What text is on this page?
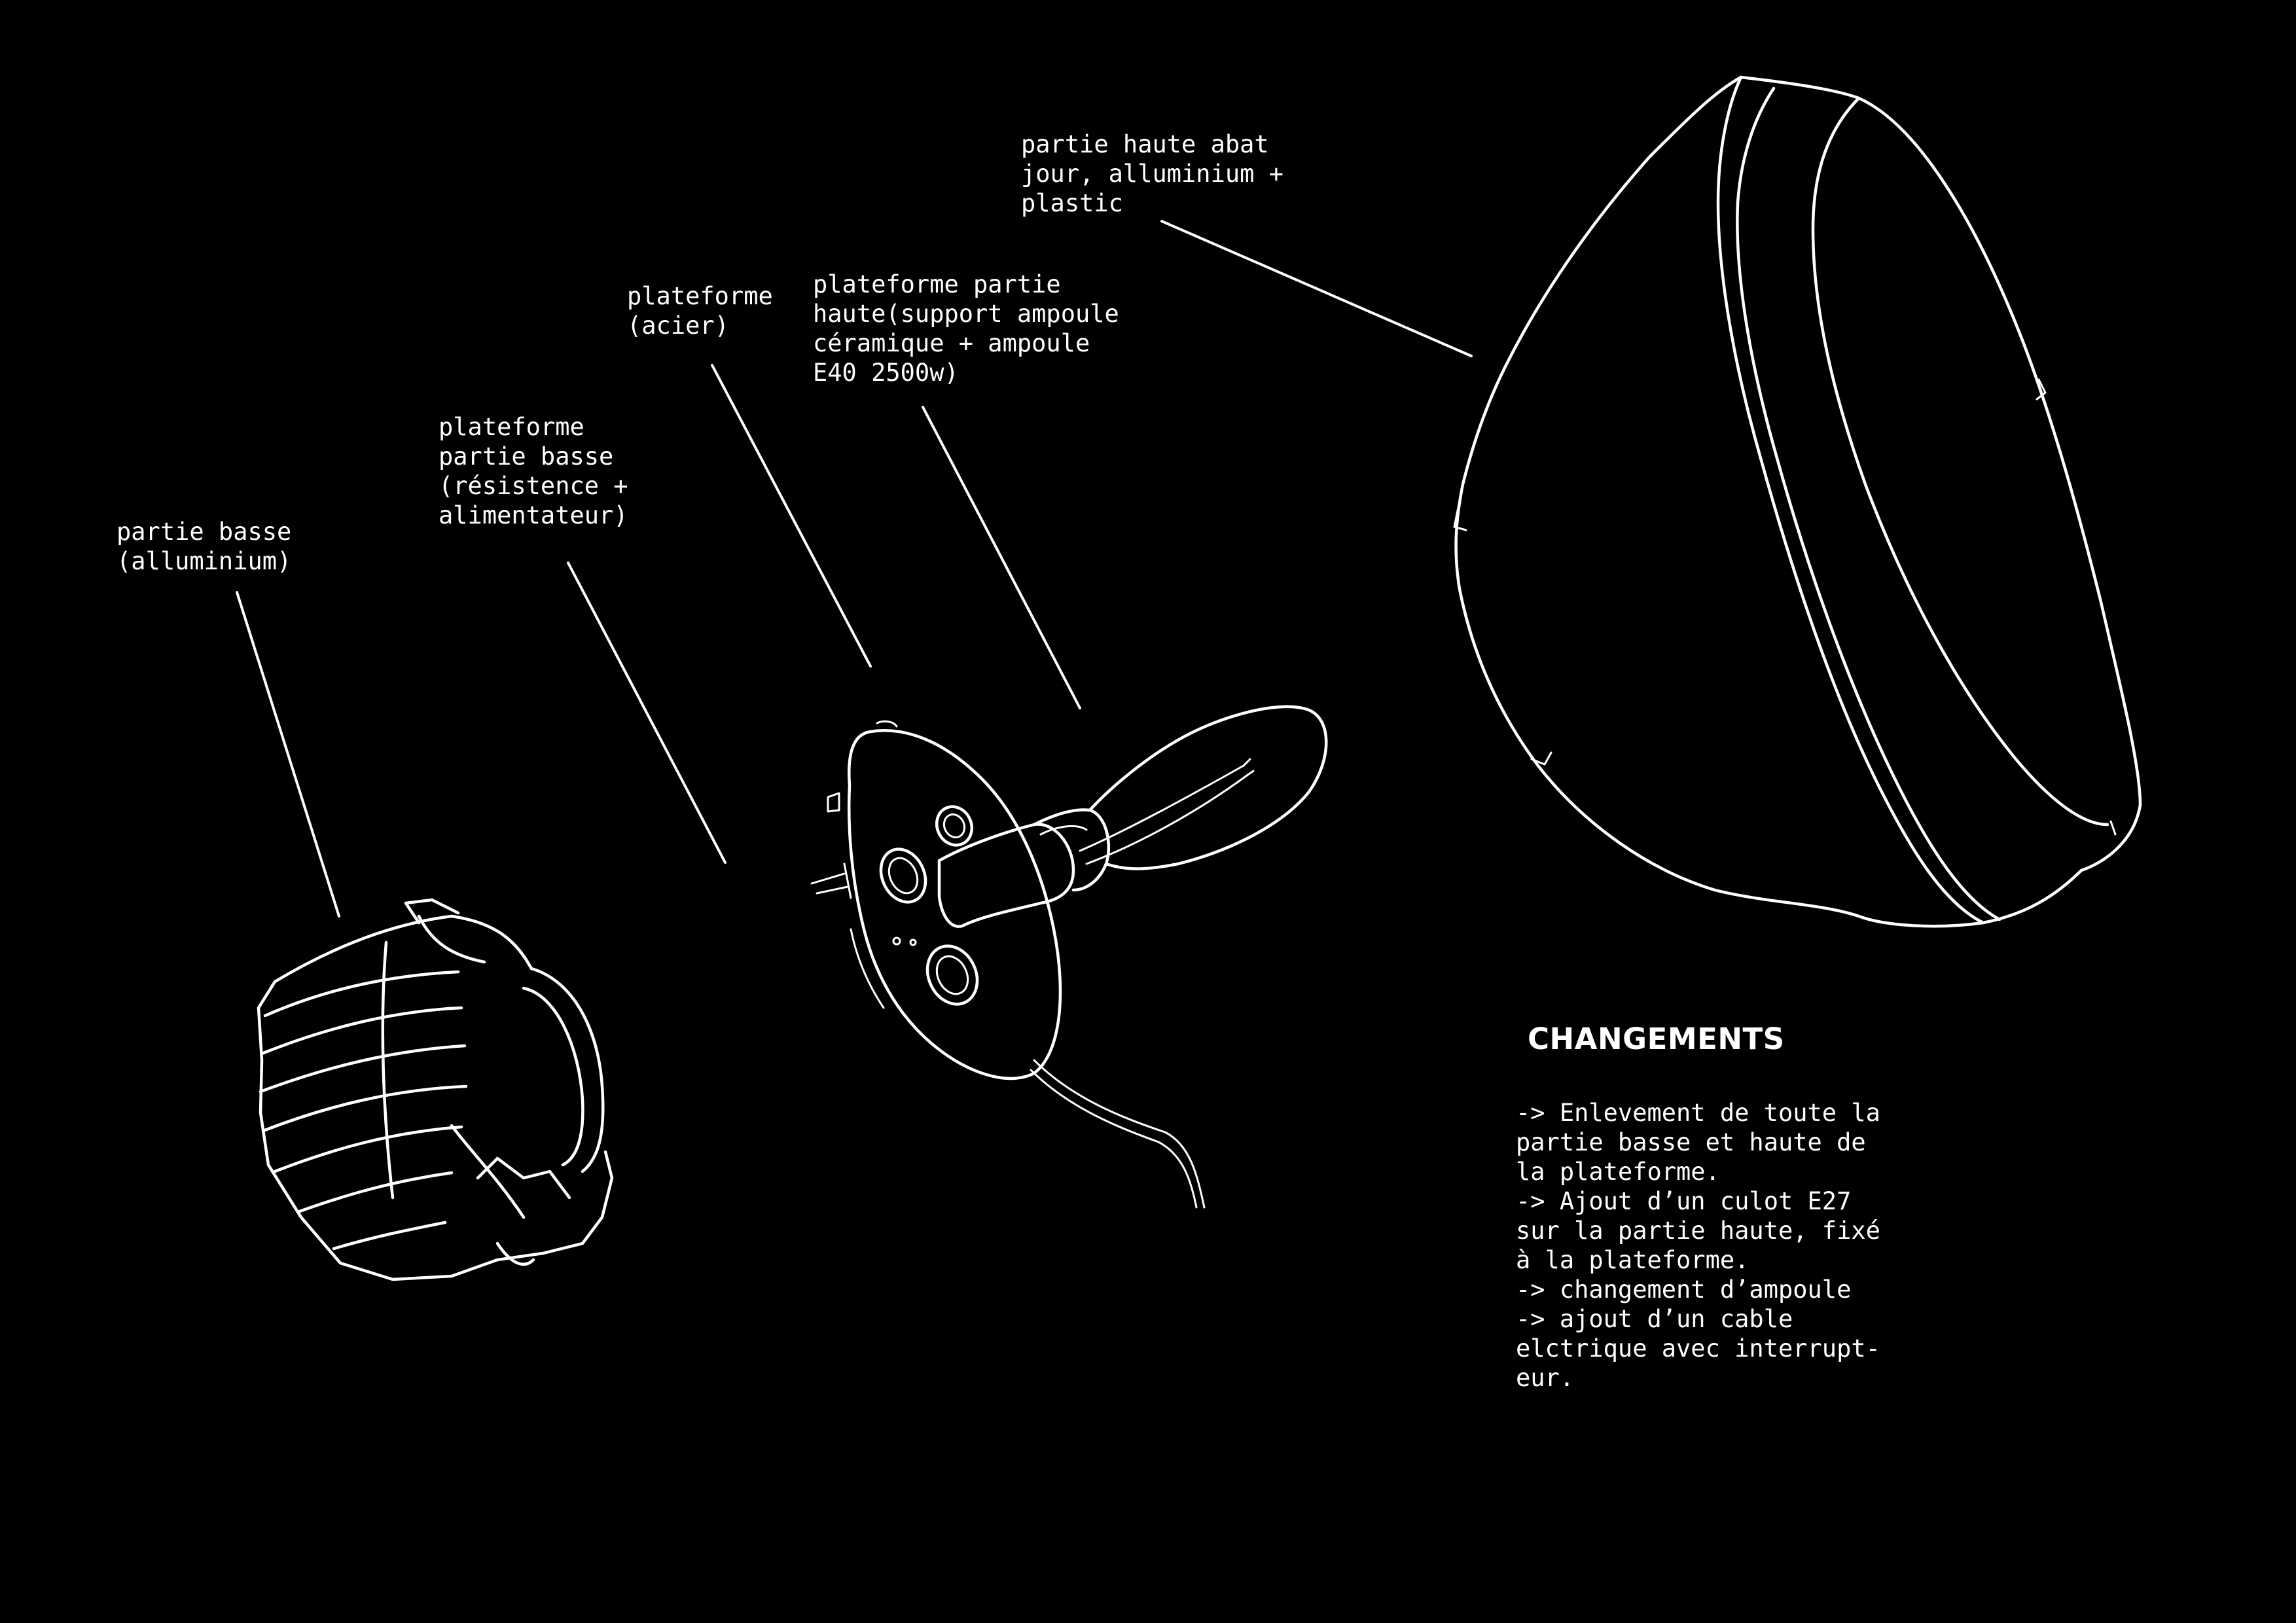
partie basse
(alluminium)

plateforme
partie basse
(résistence +
alimentateur)

plateforme
(acier)

plateforme partie
haute(support ampoule
céramique + ampoule
E40 2500w)

partie haute abat
jour, alluminium +
plastic

CHANGEMENTS
-> Enlevement de toute la
partie basse et haute de
la plateforme.
-> Ajout d’un culot E27
sur la partie haute, fixé
à la plateforme.
-> changement d’ampoule
-> ajout d’un cable
elctrique avec interrupt-
eur.
